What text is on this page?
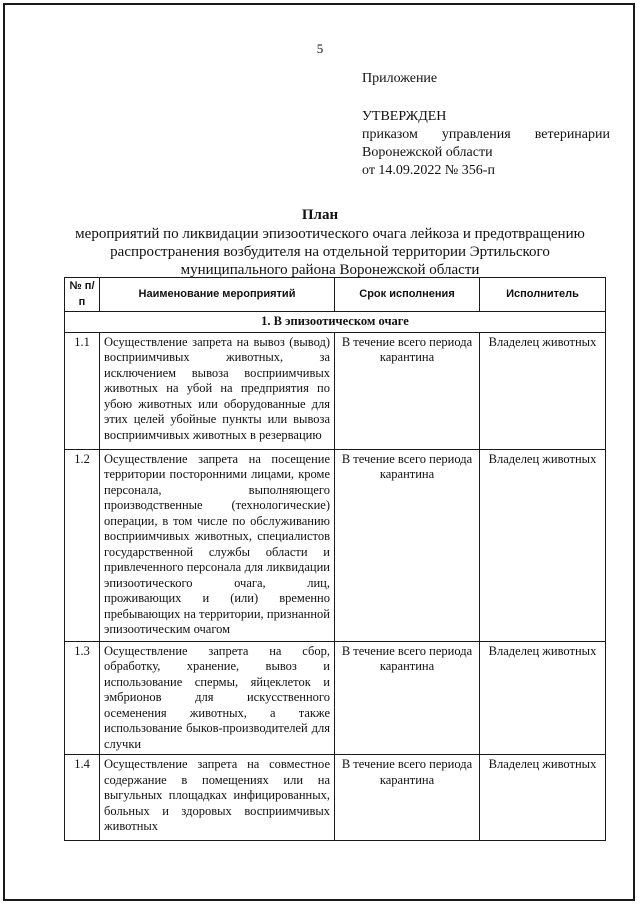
5
Приложение
УТВЕРЖДЕН
приказом управления ветеринарии
Воронежской области
от 14.09.2022 № 356-п
План
мероприятий по ликвидации эпизоотического очага лейкоза и предотвращению распространения возбудителя на отдельной территории Эртильского муниципального района Воронежской области
№ п/п	Наименование мероприятий	Срок исполнения	Исполнитель
1. В эпизоотическом очаге			
1.1	Осуществление запрета на вывоз (вывод) восприимчивых животных, за исключением вывоза восприимчивых животных на убой на предприятия по убою животных или оборудованные для этих целей убойные пункты или вывоза восприимчивых животных в резервацию	В течение всего периода карантина	Владелец животных
1.2	Осуществление запрета на посещение территории посторонними лицами, кроме персонала, выполняющего производственные (технологические) операции, в том числе по обслуживанию восприимчивых животных, специалистов государственной службы области и привлеченного персонала для ликвидации эпизоотического очага, лиц, проживающих и (или) временно пребывающих на территории, признанной эпизоотическим очагом	В течение всего периода карантина	Владелец животных
1.3	Осуществление запрета на сбор, обработку, хранение, вывоз и использование спермы, яйцеклеток и эмбрионов для искусственного осеменения животных, а также использование быков-производителей для случки	В течение всего периода карантина	Владелец животных
1.4	Осуществление запрета на совместное содержание в помещениях или на выгульных площадках инфицированных, больных и здоровых восприимчивых животных	В течение всего периода карантина	Владелец животных
